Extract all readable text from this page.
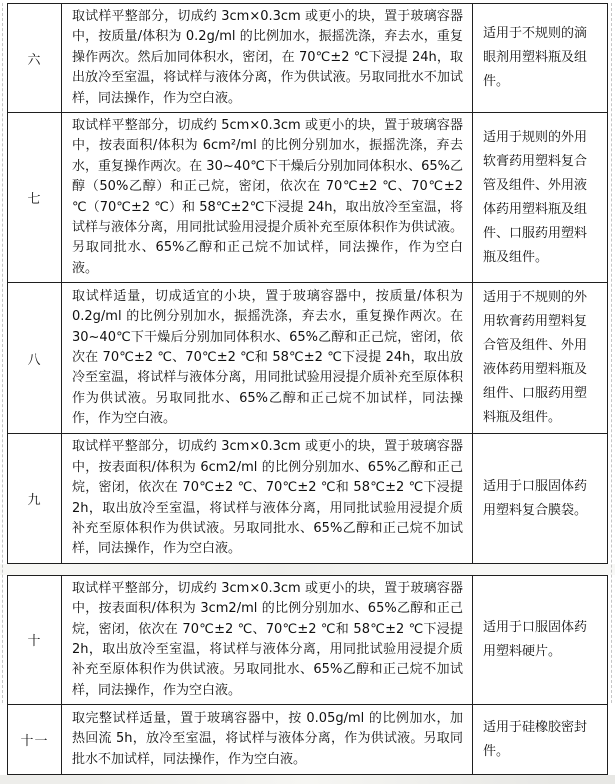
六	取试样平整部分，切成约 3cm×0.3cm 或更小的块，置于玻璃容器中，按质量/体积为 0.2g/ml 的比例加水，振摇洗涤，弃去水，重复操作两次。然后加同体积水，密闭，在 70℃±2 ℃下浸提 24h，取出放冷至室温，将试样与液体分离，作为供试液。另取同批水不加试样，同法操作，作为空白液。	适用于不规则的滴眼剂用塑料瓶及组件。
七	取试样平整部分，切成约 5cm×0.3cm 或更小的块，置于玻璃容器中，按表面积/体积为 6cm²/ml 的比例分别加水，振摇洗涤，弃去水，重复操作两次。在 30~40℃下干燥后分别加同体积水、65%乙醇（50%乙醇）和正己烷，密闭，依次在 70℃±2 ℃、70℃±2 ℃（70℃±2 ℃）和 58℃±2℃下浸提 24h，取出放冷至室温，将试样与液体分离，用同批试验用浸提介质补充至原体积作为供试液。另取同批水、65%乙醇和正己烷不加试样，同法操作，作为空白液。	适用于规则的外用软膏药用塑料复合管及组件、外用液体药用塑料瓶及组件、口服药用塑料瓶及组件。
八	取试样适量，切成适宜的小块，置于玻璃容器中，按质量/体积为 0.2g/ml 的比例分别加水，振摇洗涤，弃去水，重复操作两次。在 30~40℃下干燥后分别加同体积水、65%乙醇和正己烷，密闭，依次在 70℃±2 ℃、70℃±2 ℃和 58℃±2 ℃下浸提 24h，取出放冷至室温，将试样与液体分离，用同批试验用浸提介质补充至原体积作为供试液。另取同批水、65%乙醇和正己烷不加试样，同法操作，作为空白液。	适用于不规则的外用软膏药用塑料复合管及组件、外用液体药用塑料瓶及组件、口服药用塑料瓶及组件。
九	取试样平整部分，切成约 3cm×0.3cm 或更小的块，置于玻璃容器中，按表面积/体积为 6cm2/ml 的比例分别加水、65%乙醇和正己烷，密闭，依次在 70℃±2 ℃、70℃±2 ℃和 58℃±2 ℃下浸提 2h，取出放冷至室温，将试样与液体分离，用同批试验用浸提介质补充至原体积作为供试液。另取同批水、65%乙醇和正己烷不加试样，同法操作，作为空白液。	适用于口服固体药用塑料复合膜袋。
十	取试样平整部分，切成约 3cm×0.3cm 或更小的块，置于玻璃容器中，按表面积/体积为 3cm2/ml 的比例分别加水、65%乙醇和正己烷，密闭，依次在 70℃±2 ℃、70℃±2 ℃和 58℃±2 ℃下浸提 2h，取出放冷至室温，将试样与液体分离，用同批试验用浸提介质补充至原体积作为供试液。另取同批水、65%乙醇和正己烷不加试样，同法操作，作为空白液。	适用于口服固体药用塑料硬片。
十一	取完整试样适量，置于玻璃容器中，按 0.05g/ml 的比例加水，加热回流 5h，放冷至室温，将试样与液体分离，作为供试液。另取同批水不加试样，同法操作，作为空白液。	适用于硅橡胶密封件。
